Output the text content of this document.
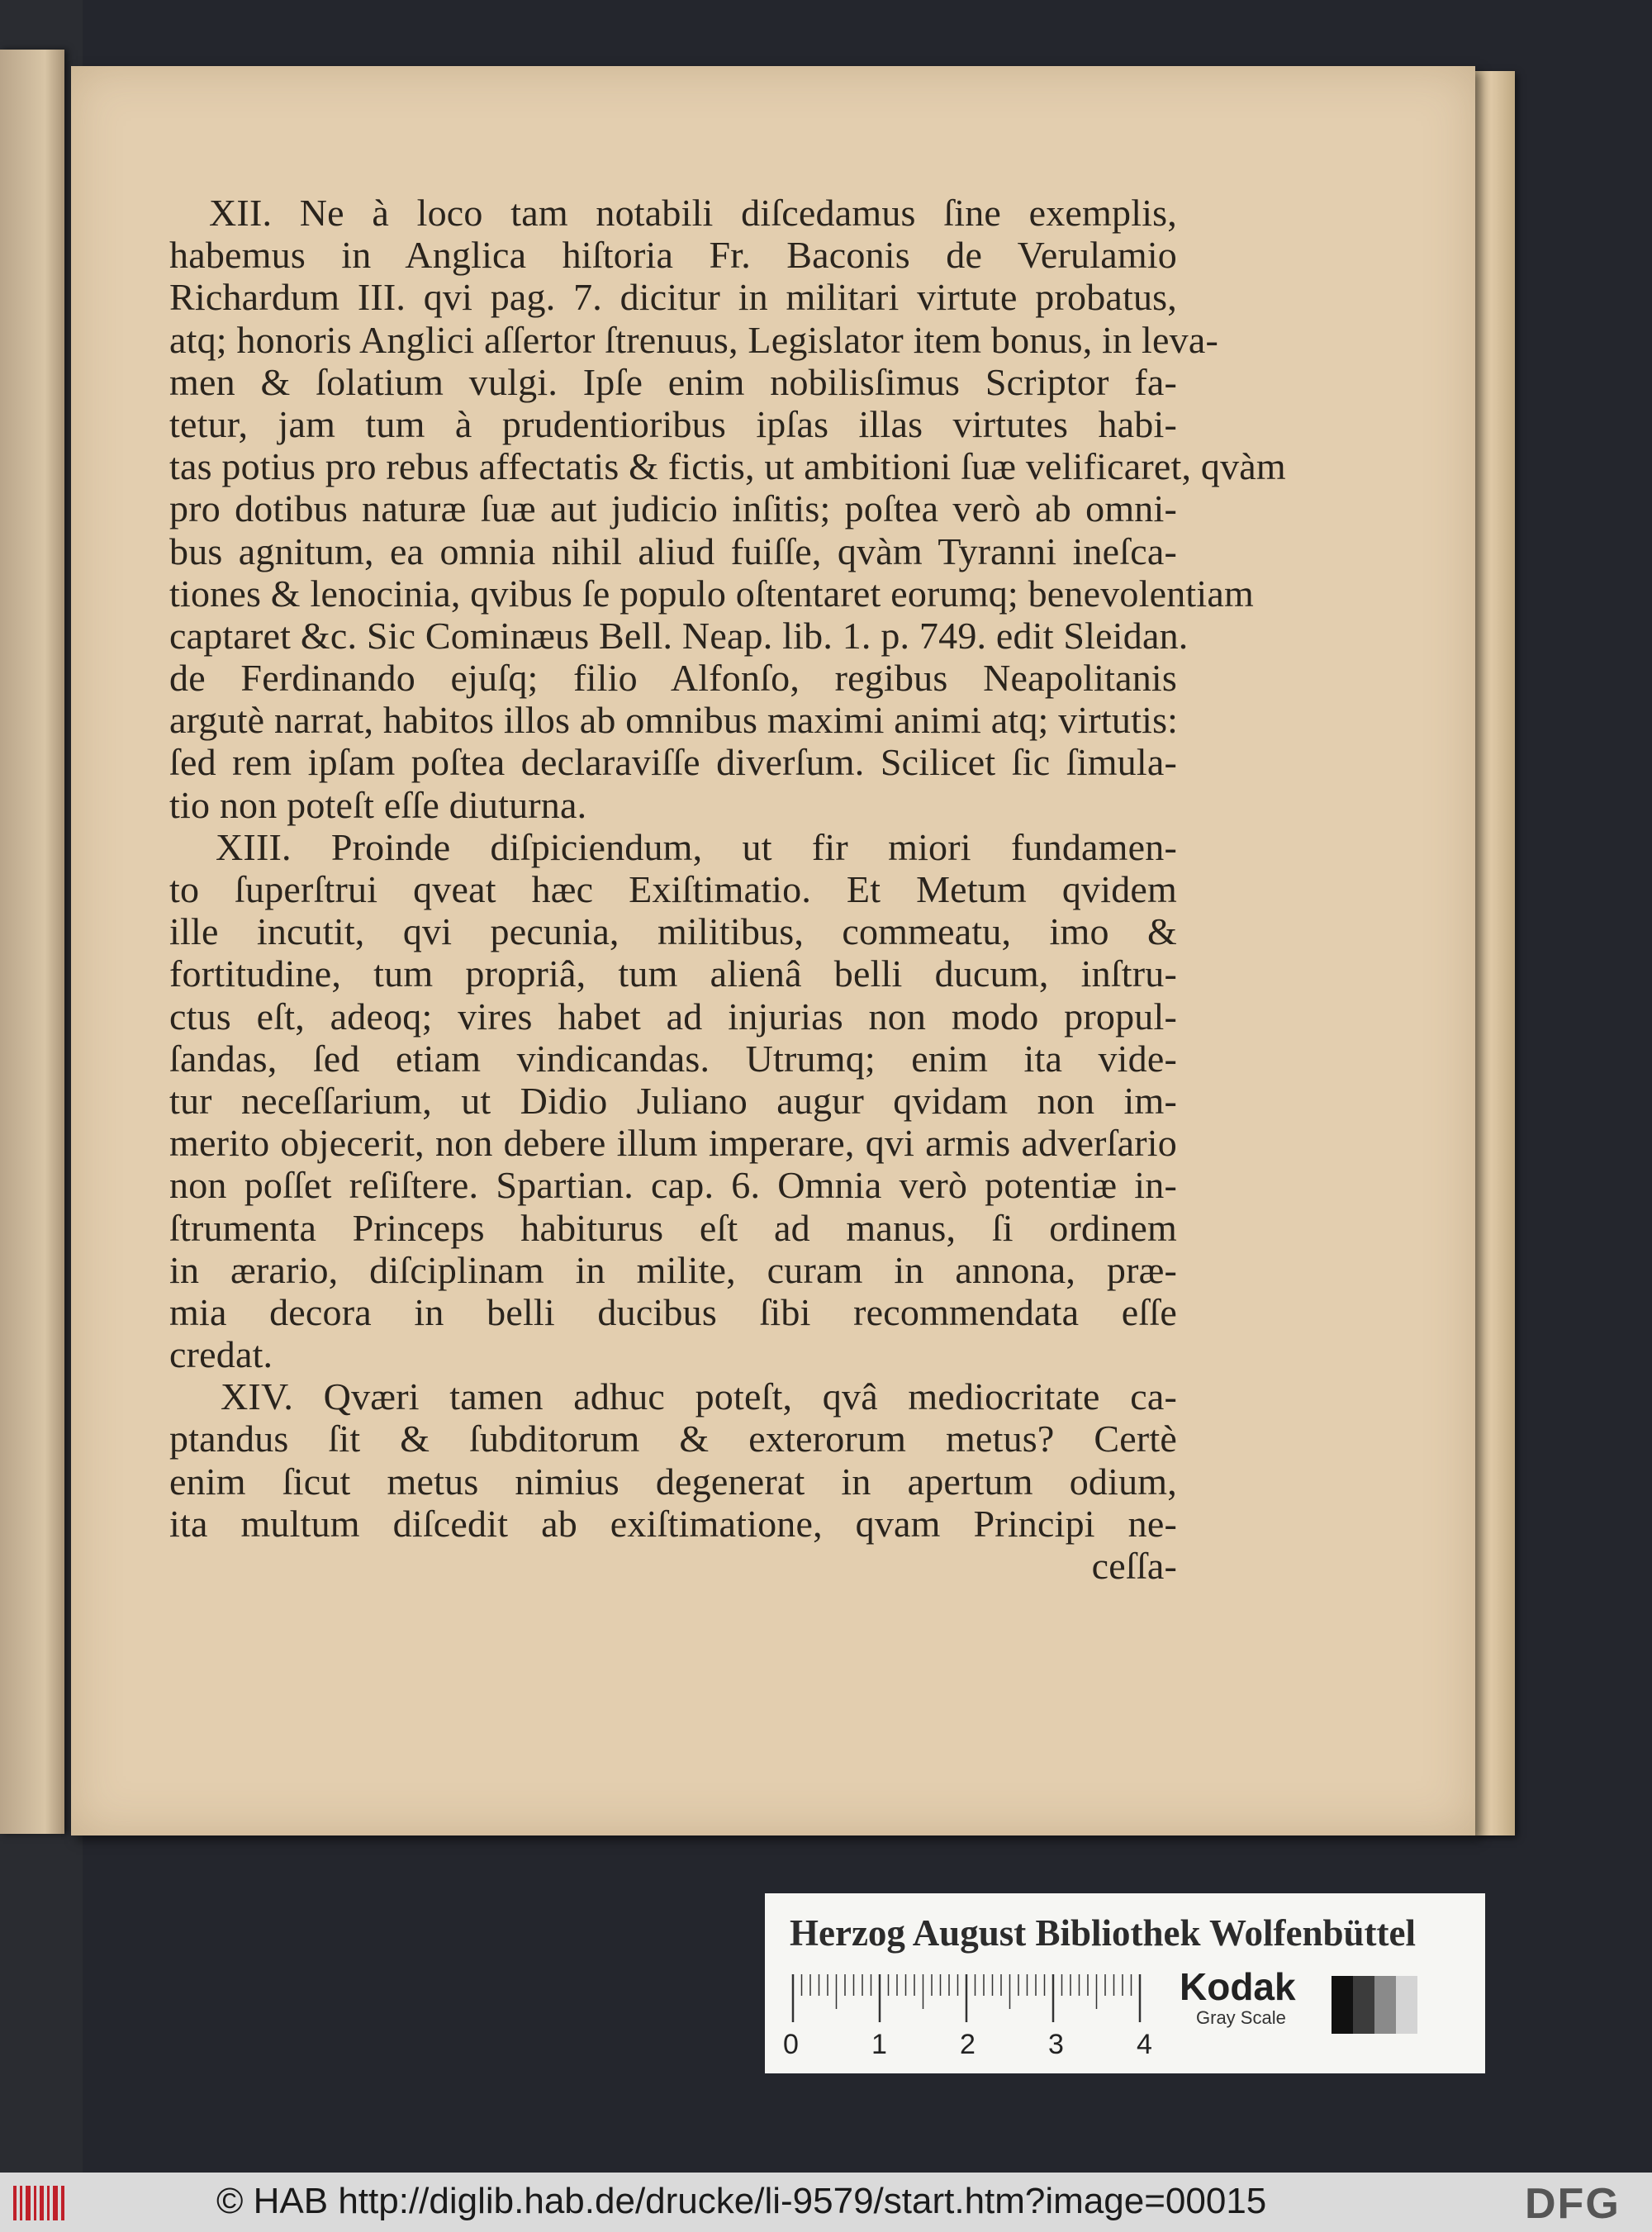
XII. Ne à loco tam notabili diſcedamus ſine exemplis,
habemus in Anglica hiſtoria Fr. Baconis de Verulamio
Richardum III. qvi pag. 7. dicitur in militari virtute probatus,
atq; honoris Anglici aſſertor ſtrenuus, Legislator item bonus, in leva-
men & ſolatium vulgi. Ipſe enim nobilisſimus Scriptor fa-
tetur, jam tum à prudentioribus ipſas illas virtutes habi-
tas potius pro rebus affectatis & fictis, ut ambitioni ſuæ velificaret, qvàm
pro dotibus naturæ ſuæ aut judicio inſitis; poſtea verò ab omni-
bus agnitum, ea omnia nihil aliud fuiſſe, qvàm Tyranni ineſca-
tiones & lenocinia, qvibus ſe populo oſtentaret eorumq; benevolentiam
captaret &c. Sic Cominæus Bell. Neap. lib. 1. p. 749. edit Sleidan.
de Ferdinando ejuſq; filio Alfonſo, regibus Neapolitanis
argutè narrat, habitos illos ab omnibus maximi animi atq; virtutis:
ſed rem ipſam poſtea declaraviſſe diverſum. Scilicet ſic ſimula-
tio non poteſt eſſe diuturna.
XIII. Proinde diſpiciendum, ut fir miori fundamen-
to ſuperſtrui qveat hæc Exiſtimatio. Et Metum qvidem
ille incutit, qvi pecunia, militibus, commeatu, imo &
fortitudine, tum propriâ, tum alienâ belli ducum, inſtru-
ctus eſt, adeoq; vires habet ad injurias non modo propul-
ſandas, ſed etiam vindicandas. Utrumq; enim ita vide-
tur neceſſarium, ut Didio Juliano augur qvidam non im-
merito objecerit, non debere illum imperare, qvi armis adverſario
non poſſet reſiſtere. Spartian. cap. 6. Omnia verò potentiæ in-
ſtrumenta Princeps habiturus eſt ad manus, ſi ordinem
in ærario, diſciplinam in milite, curam in annona, præ-
mia decora in belli ducibus ſibi recommendata eſſe
credat.
XIV. Qværi tamen adhuc poteſt, qvâ mediocritate ca-
ptandus ſit & ſubditorum & exterorum metus? Certè
enim ſicut metus nimius degenerat in apertum odium,
ita multum diſcedit ab exiſtimatione, qvam Principi ne-
ceſſa-
Herzog August Bibliothek Wolfenbüttel
0	1	2	3	4
Kodak
Gray Scale
© HAB http://diglib.hab.de/drucke/li-9579/start.htm?image=00015	DFG
